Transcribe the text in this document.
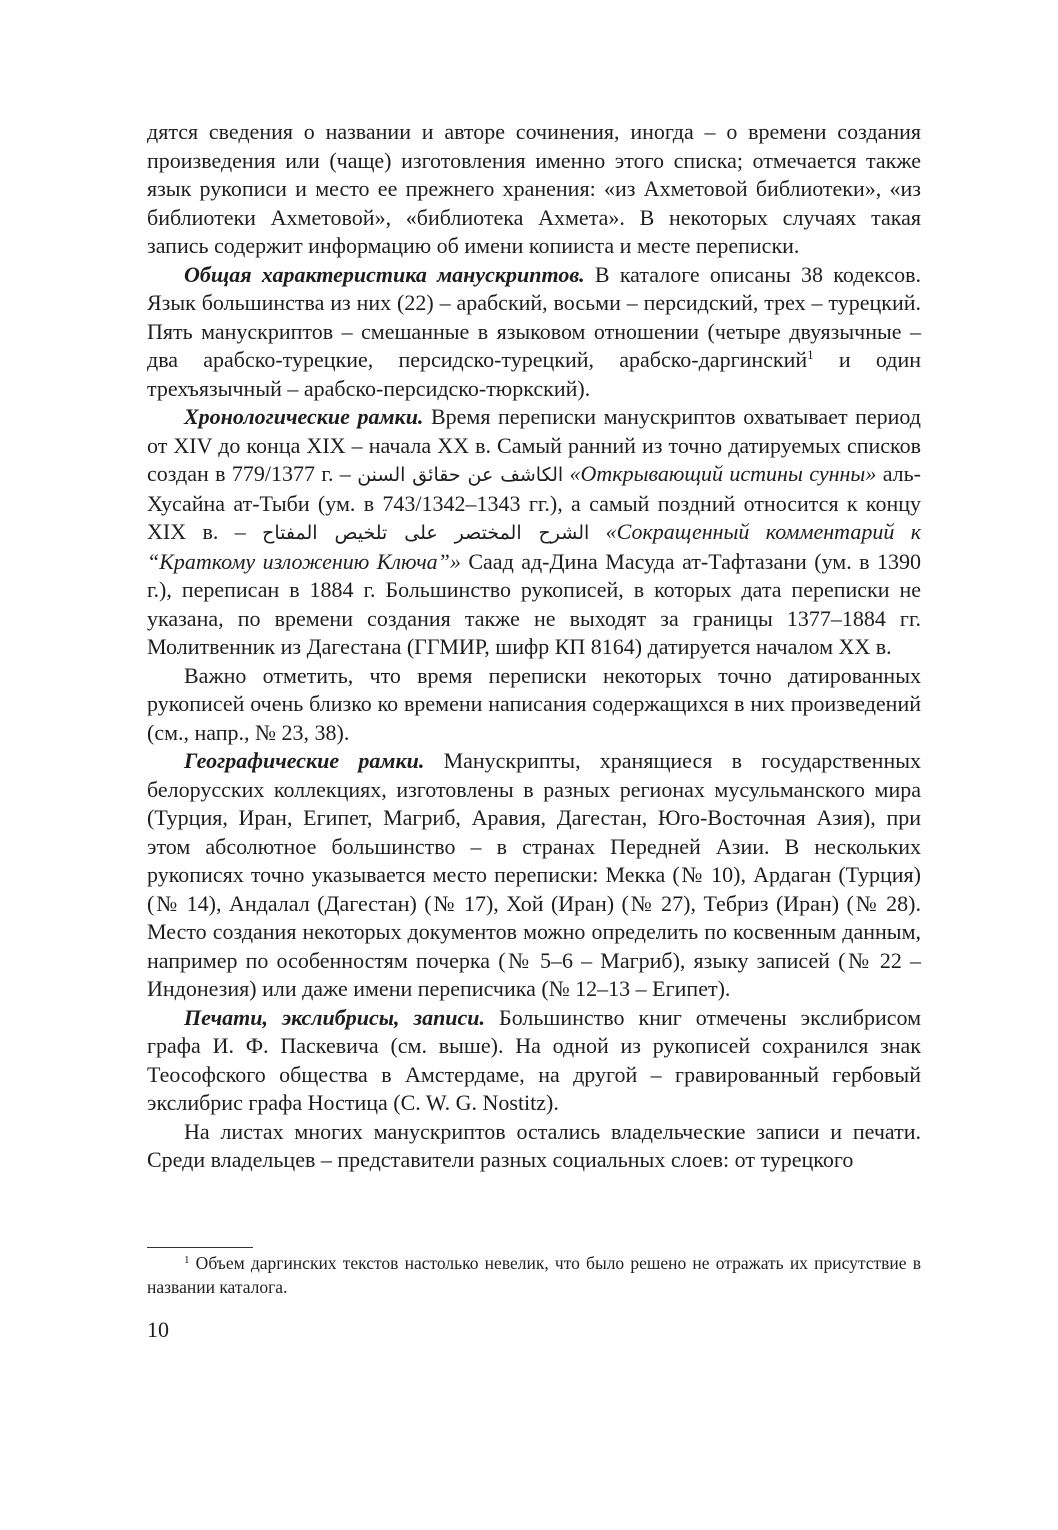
дятся сведения о названии и авторе сочинения, иногда – о времени создания произведения или (чаще) изготовления именно этого списка; отмечается также язык рукописи и место ее прежнего хранения: «из Ахметовой библиотеки», «из библиотеки Ахметовой», «библиотека Ахмета». В некоторых случаях такая запись содержит информацию об имени копииста и месте переписки.

Общая характеристика манускриптов. В каталоге описаны 38 кодексов. Язык большинства из них (22) – арабский, восьми – персидский, трех – турецкий. Пять манускриптов – смешанные в языковом отношении (четыре двуязычные – два арабско-турецкие, персидско-турецкий, арабско-даргинский$^1$ и один трехъязычный – арабско-персидско-тюркский).

Хронологические рамки. Время переписки манускриптов охватывает период от XIV до конца XIX – начала XX в. Самый ранний из точно датируемых списков создан в 779/1377 г. – الكاشف عن حقائق السنن «Открывающий истины сунны» аль-Хусайна ат-Тыби (ум. в 743/1342–1343 гг.), а самый поздний относится к концу XIX в. – الشرح المختصر على تلخيص المفتاح «Сокращенный комментарий к “Краткому изложению Ключа”» Саад ад-Дина Масуда ат-Тафтазани (ум. в 1390 г.), переписан в 1884 г. Большинство рукописей, в которых дата переписки не указана, по времени создания также не выходят за границы 1377–1884 гг. Молитвенник из Дагестана (ГГМИР, шифр КП 8164) датируется началом XX в.

Важно отметить, что время переписки некоторых точно датированных рукописей очень близко ко времени написания содержащихся в них произведений (см., напр., № 23, 38).

Географические рамки. Манускрипты, хранящиеся в государственных белорусских коллекциях, изготовлены в разных регионах мусульманского мира (Турция, Иран, Египет, Магриб, Аравия, Дагестан, Юго-Восточная Азия), при этом абсолютное большинство – в странах Передней Азии. В нескольких рукописях точно указывается место переписки: Мекка (№ 10), Ардаган (Турция) (№ 14), Андалал (Дагестан) (№ 17), Хой (Иран) (№ 27), Тебриз (Иран) (№ 28). Место создания некоторых документов можно определить по косвенным данным, например по особенностям почерка (№ 5–6 – Магриб), языку записей (№ 22 – Индонезия) или даже имени переписчика (№ 12–13 – Египет).

Печати, экслибрисы, записи. Большинство книг отмечены экслибрисом графа И. Ф. Паскевича (см. выше). На одной из рукописей сохранился знак Теософского общества в Амстердаме, на другой – гравированный гербовый экслибрис графа Ностица (C. W. G. Nostitz).

На листах многих манускриптов остались владельческие записи и печати. Среди владельцев – представители разных социальных слоев: от турецкого

$^1$ Объем даргинских текстов настолько невелик, что было решено не отражать их присутствие в названии каталога.

10
